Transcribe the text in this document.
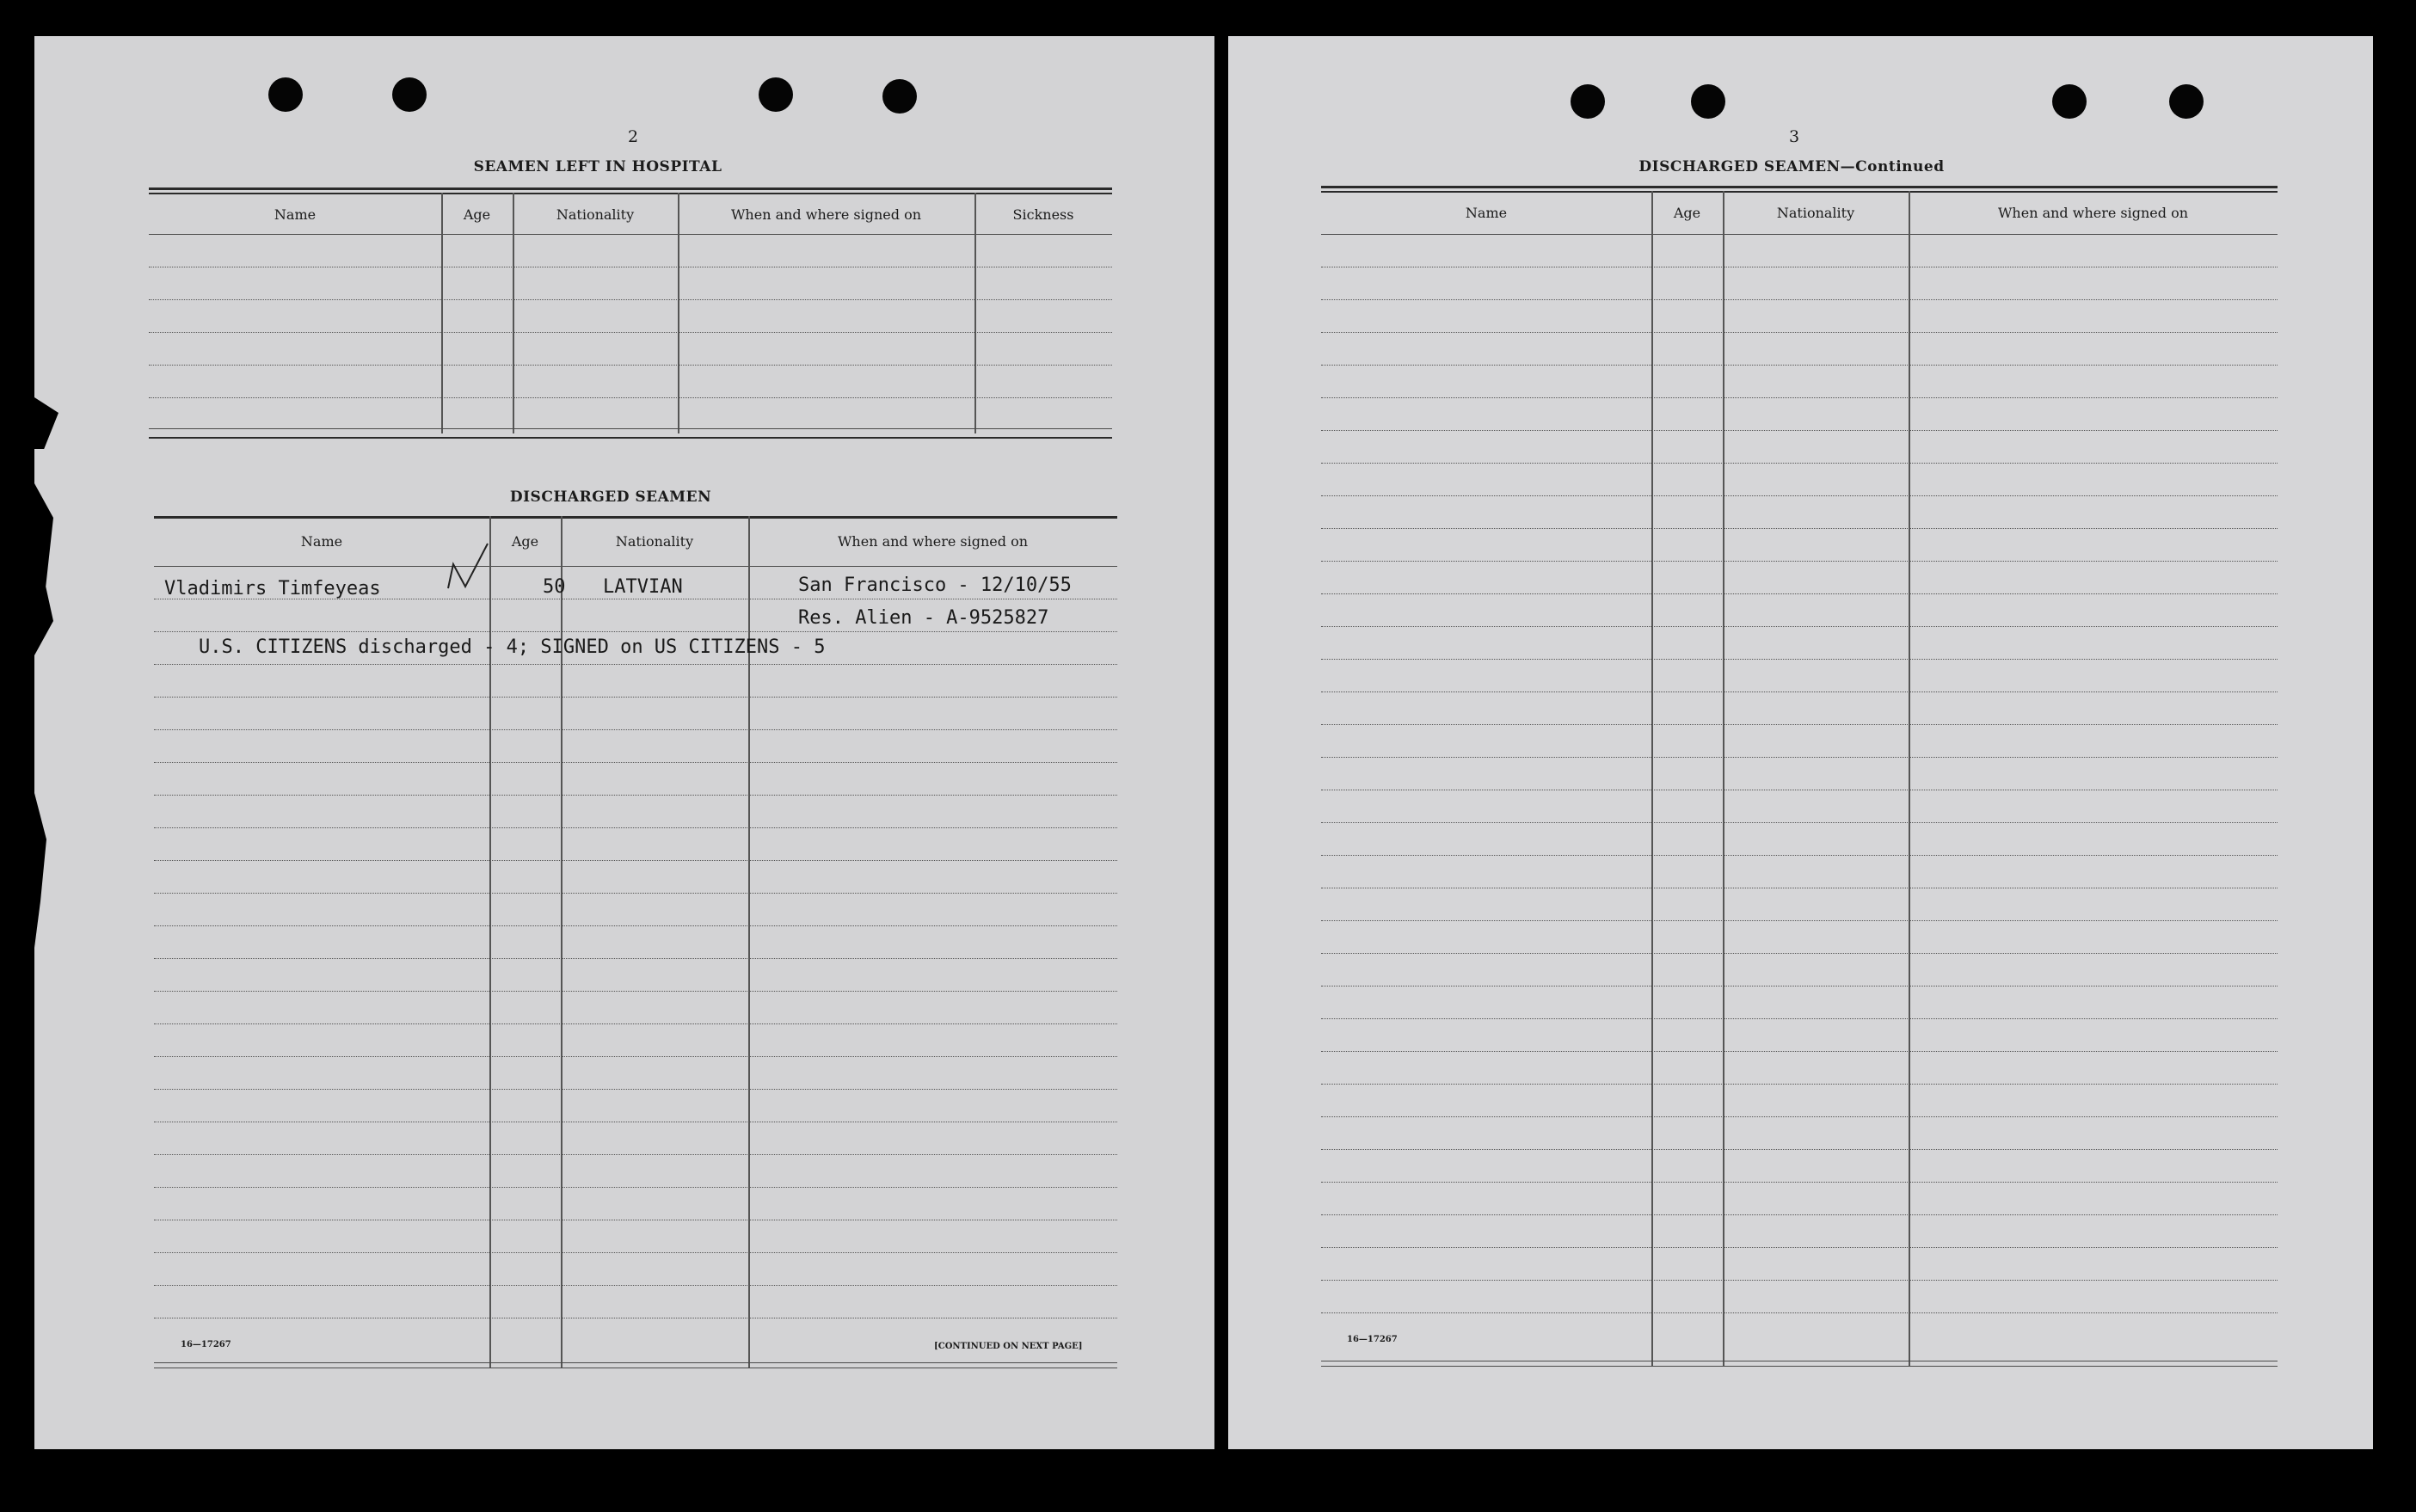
2
SEAMEN LEFT IN HOSPITAL
Name	Age	Nationality	When and where signed on	Sickness
DISCHARGED SEAMEN
Name	Age	Nationality	When and where signed on
Vladimirs Timfeyeas	50 LATVIAN	San Francisco - 12/10/55
Res. Alien - A-9525827
U.S. CITIZENS discharged - 4; SIGNED on US CITIZENS - 5
16—17267	[CONTINUED ON NEXT PAGE]
3
DISCHARGED SEAMEN—Continued
Name	Age	Nationality	When and where signed on
16—17267
